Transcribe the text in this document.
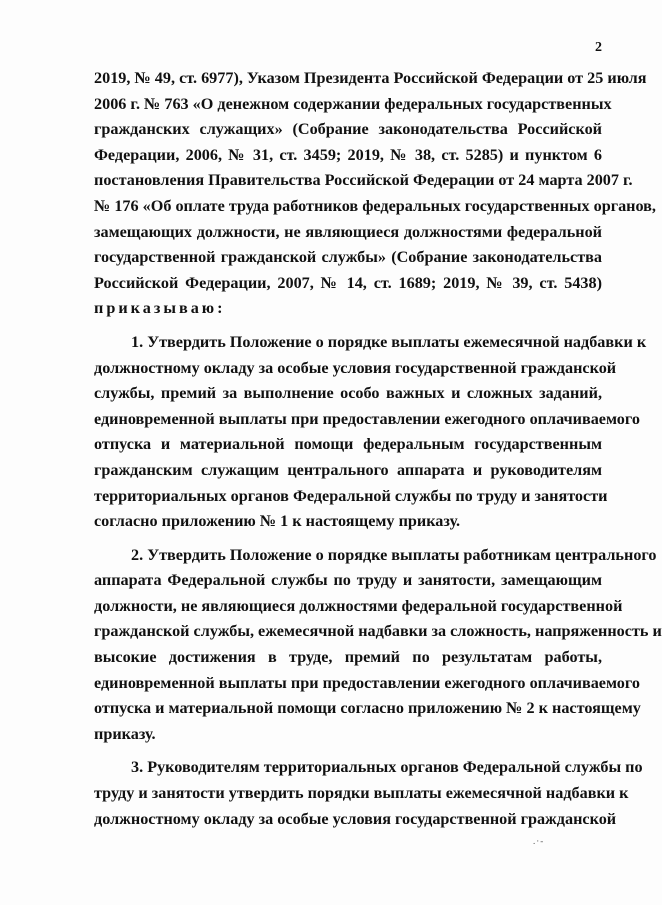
2
2019, № 49, ст. 6977), Указом Президента Российской Федерации от 25 июля
2006 г. № 763 «О денежном содержании федеральных государственных
гражданских служащих» (Собрание законодательства Российской
Федерации, 2006, № 31, ст. 3459; 2019, № 38, ст. 5285) и пунктом 6
постановления Правительства Российской Федерации от 24 марта 2007 г.
№ 176 «Об оплате труда работников федеральных государственных органов,
замещающих должности, не являющиеся должностями федеральной
государственной гражданской службы» (Собрание законодательства
Российской Федерации, 2007, № 14, ст. 1689; 2019, № 39, ст. 5438)
приказываю:
1. Утвердить Положение о порядке выплаты ежемесячной надбавки к
должностному окладу за особые условия государственной гражданской
службы, премий за выполнение особо важных и сложных заданий,
единовременной выплаты при предоставлении ежегодного оплачиваемого
отпуска и материальной помощи федеральным государственным
гражданским служащим центрального аппарата и руководителям
территориальных органов Федеральной службы по труду и занятости
согласно приложению № 1 к настоящему приказу.
2. Утвердить Положение о порядке выплаты работникам центрального
аппарата Федеральной службы по труду и занятости, замещающим
должности, не являющиеся должностями федеральной государственной
гражданской службы, ежемесячной надбавки за сложность, напряженность и
высокие достижения в труде, премий по результатам работы,
единовременной выплаты при предоставлении ежегодного оплачиваемого
отпуска и материальной помощи согласно приложению № 2 к настоящему
приказу.
3. Руководителям территориальных органов Федеральной службы по
труду и занятости утвердить порядки выплаты ежемесячной надбавки к
должностному окладу за особые условия государственной гражданской
.·-
